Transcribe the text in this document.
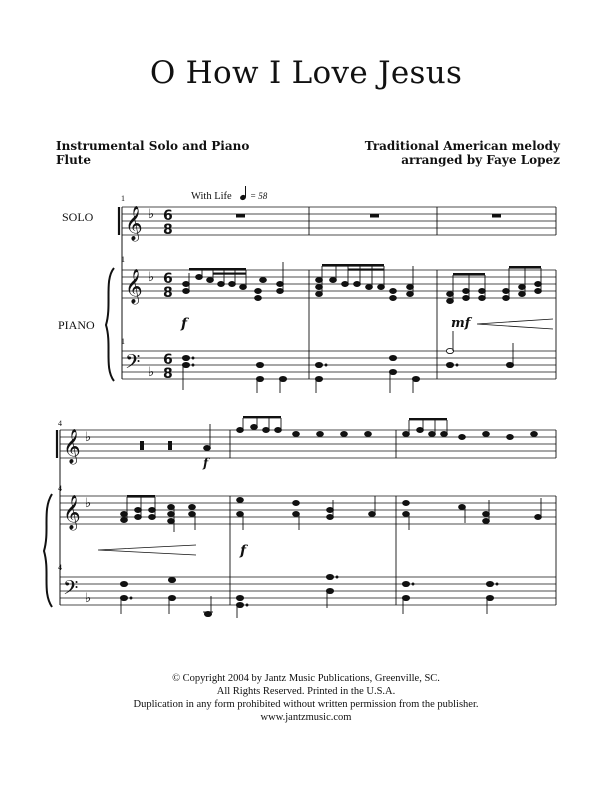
O How I Love Jesus
Instrumental Solo and Piano
Flute
Traditional American melody
arranged by Faye Lopez
With Life = 58
SOLO
PIANO
1
1
1
4
4
4
f	mf
f
f
𝄞
𝄞
𝄢
𝄞
𝄞
𝄢
♭
♭
♭
♭
♭
♭
6
8
6
8
6
8
© Copyright 2004 by Jantz Music Publications, Greenville, SC.
All Rights Reserved. Printed in the U.S.A.
Duplication in any form prohibited without written permission from the publisher.
www.jantzmusic.com
